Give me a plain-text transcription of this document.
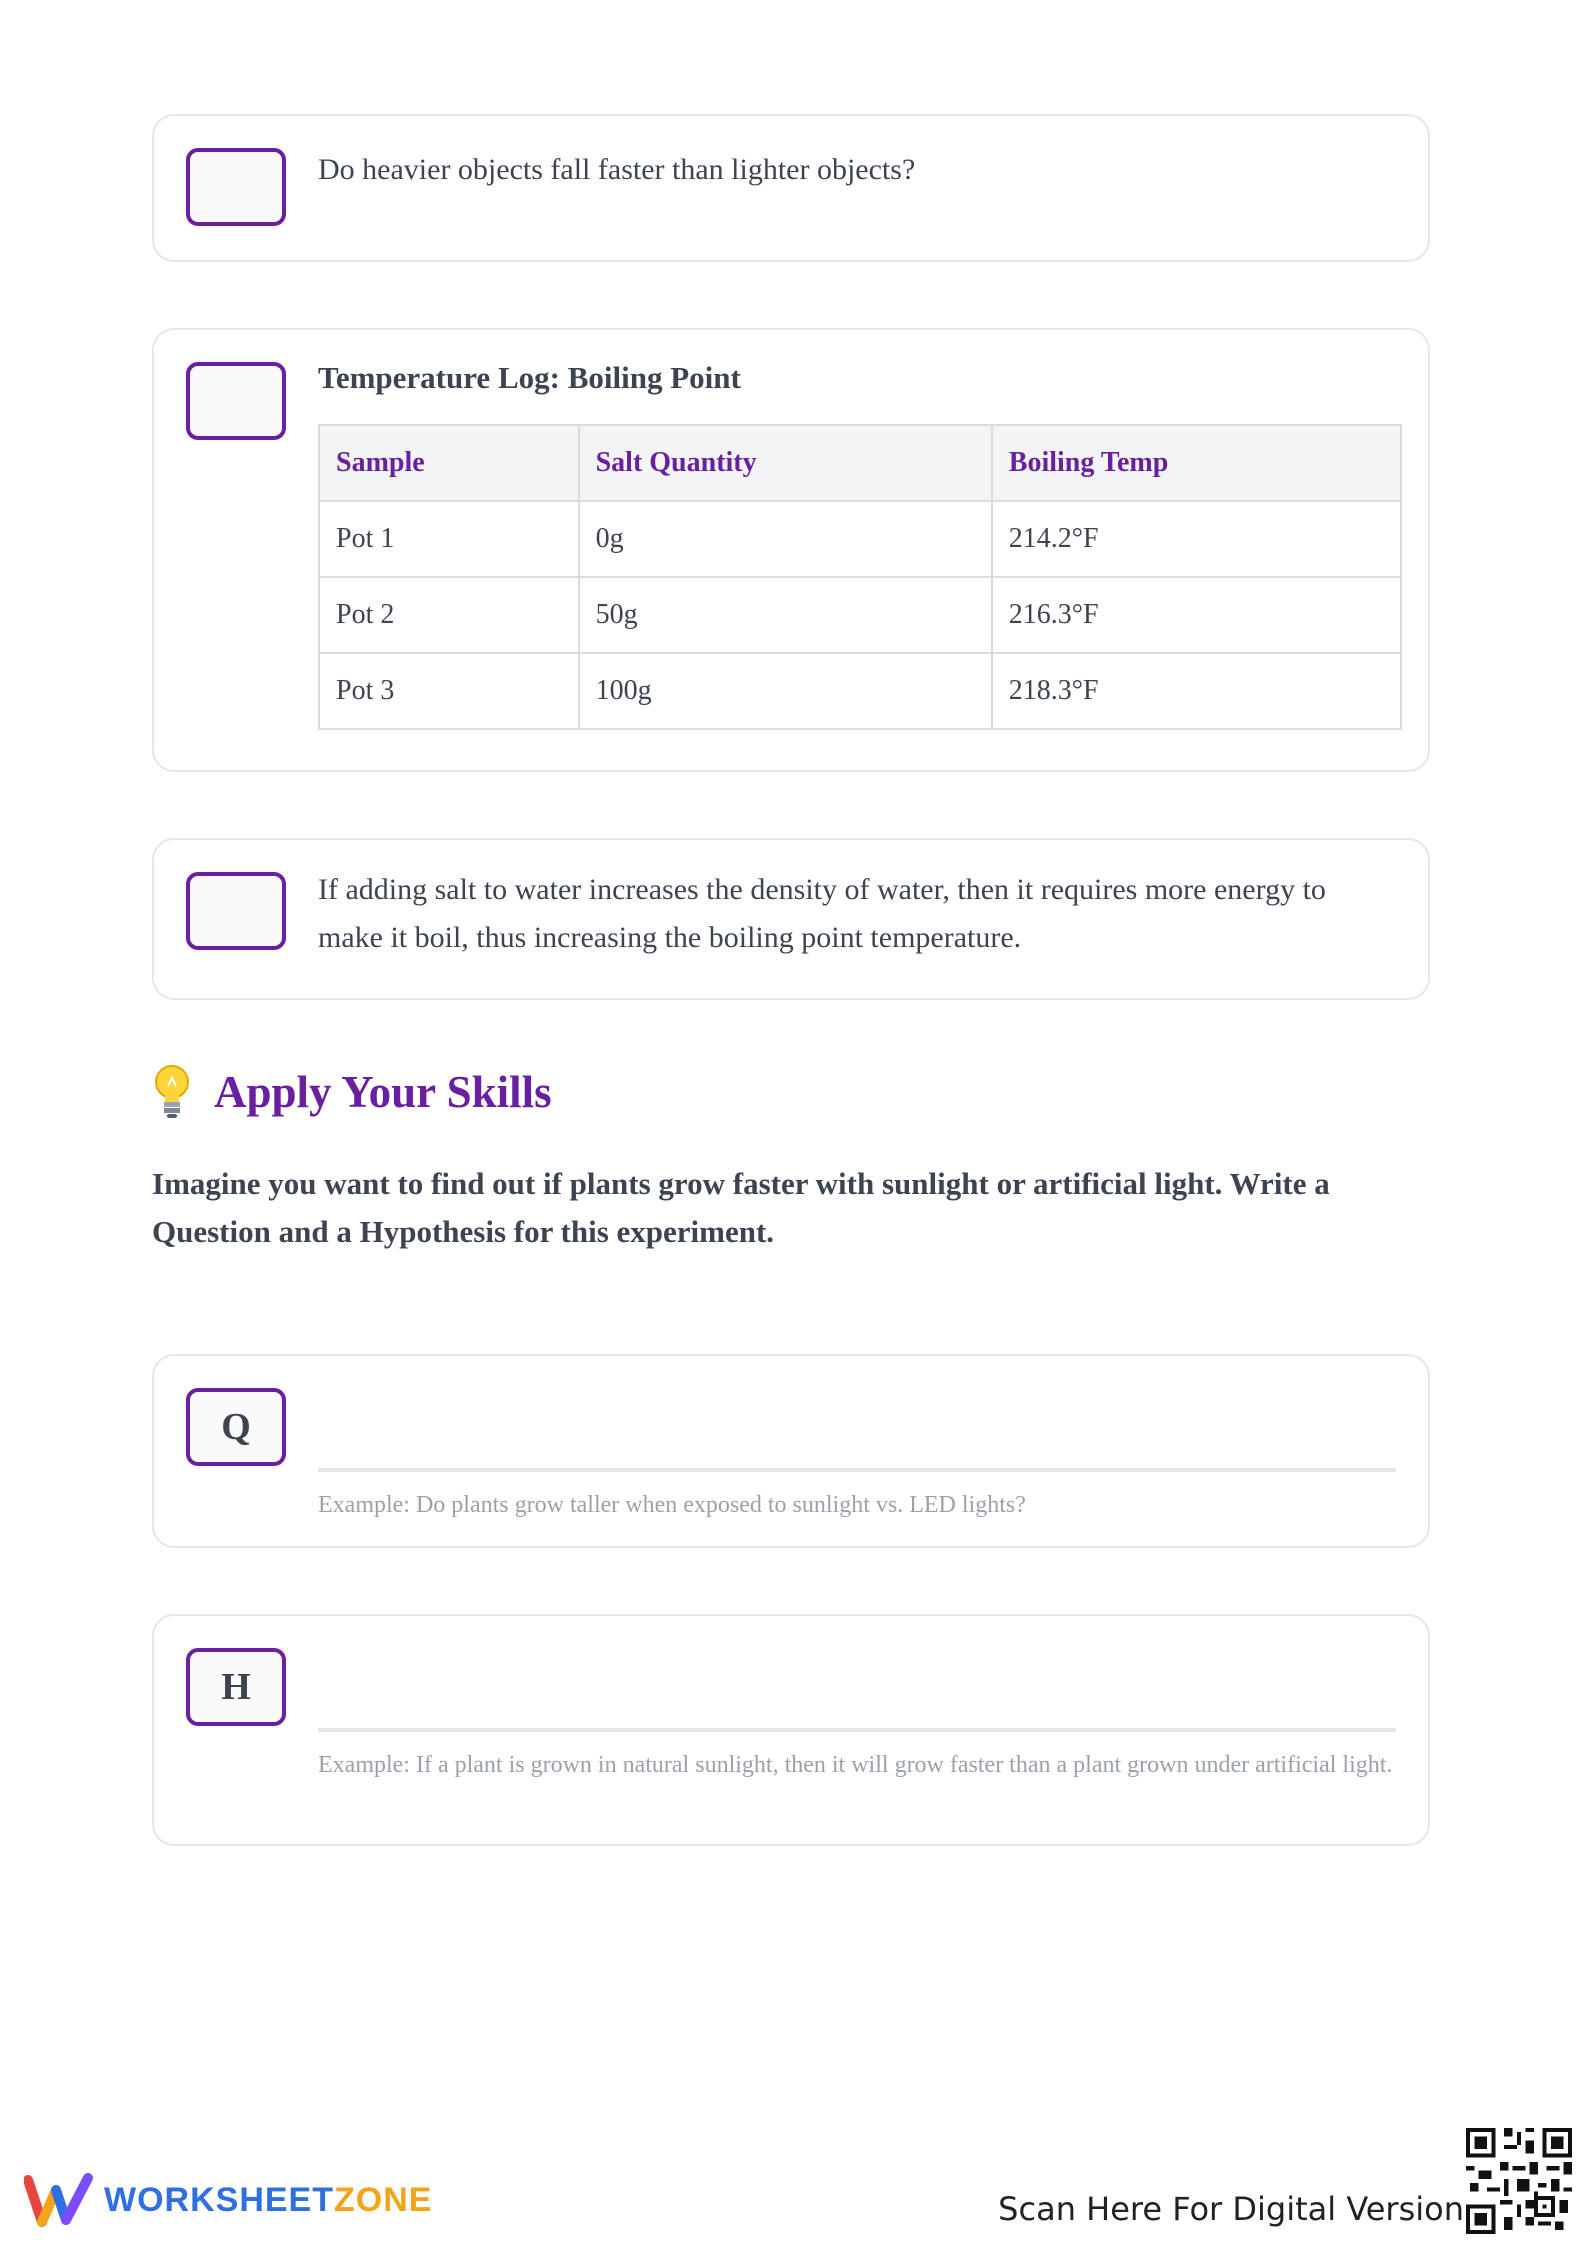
Do heavier objects fall faster than lighter objects?
Temperature Log: Boiling Point
Sample	Salt Quantity	Boiling Temp
Pot 1	0g	214.2°F
Pot 2	50g	216.3°F
Pot 3	100g	218.3°F
If adding salt to water increases the density of water, then it requires more energy to make it boil, thus increasing the boiling point temperature.
Apply Your Skills
Imagine you want to find out if plants grow faster with sunlight or artificial light. Write a Question and a Hypothesis for this experiment.
Q
Example: Do plants grow taller when exposed to sunlight vs. LED lights?
H
Example: If a plant is grown in natural sunlight, then it will grow faster than a plant grown under artificial light.
WORKSHEETZONE	Scan Here For Digital Version
